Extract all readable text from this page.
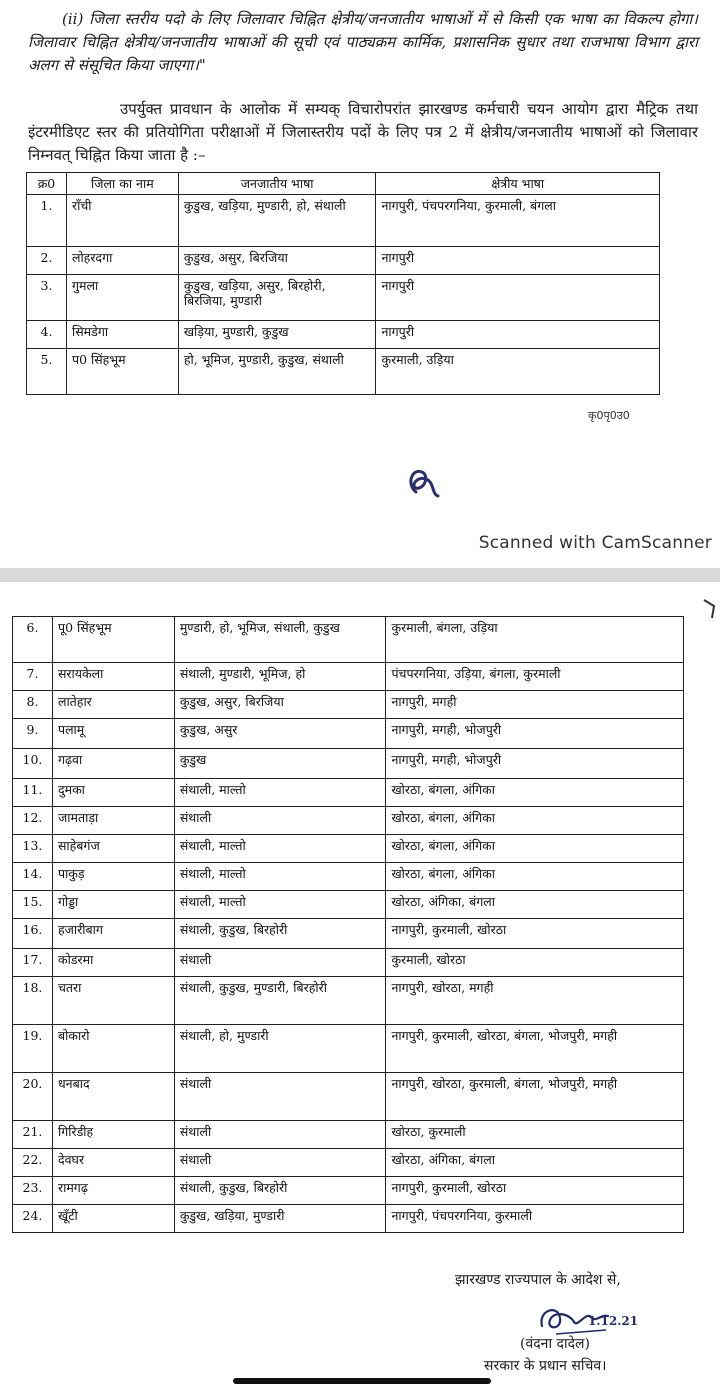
(ii) जिला स्तरीय पदो के लिए जिलावार चिह्नित क्षेत्रीय/जनजातीय भाषाओं में से किसी एक भाषा का विकल्प होगा। जिलावार चिह्नित क्षेत्रीय/जनजातीय भाषाओं की सूची एवं पाठ्यक्रम कार्मिक, प्रशासनिक सुधार तथा राजभाषा विभाग द्वारा अलग से संसूचित किया जाएगा।"
उपर्युक्त प्रावधान के आलोक में सम्यक् विचारोपरांत झारखण्ड कर्मचारी चयन आयोग द्वारा मैट्रिक तथा इंटरमीडिएट स्तर की प्रतियोगिता परीक्षाओं में जिलास्तरीय पदों के लिए पत्र 2 में क्षेत्रीय/जनजातीय भाषाओं को जिलावार निम्नवत् चिह्नित किया जाता है :–
क्र0	जिला का नाम	जनजातीय भाषा	क्षेत्रीय भाषा
1.	राँची	कुडुख, खड़िया, मुण्डारी, हो, संथाली	नागपुरी, पंचपरगनिया, कुरमाली, बंगला
2.	लोहरदगा	कुडुख, असुर, बिरजिया	नागपुरी
3.	गुमला	कुडुख, खड़िया, असुर, बिरहोरी, बिरजिया, मुण्डारी	नागपुरी
4.	सिमडेगा	खड़िया, मुण्डारी, कुडुख	नागपुरी
5.	प0 सिंहभूम	हो, भूमिज, मुण्डारी, कुडुख, संथाली	कुरमाली, उड़िया
कृ0पृ0उ0
Scanned with CamScanner
6.	पू0 सिंहभूम	मुण्डारी, हो, भूमिज, संथाली, कुडुख	कुरमाली, बंगला, उड़िया
7.	सरायकेला	संथाली, मुण्डारी, भूमिज, हो	पंचपरगनिया, उड़िया, बंगला, कुरमाली
8.	लातेहार	कुडुख, असुर, बिरजिया	नागपुरी, मगही
9.	पलामू	कुडुख, असुर	नागपुरी, मगही, भोजपुरी
10.	गढ़वा	कुडुख	नागपुरी, मगही, भोजपुरी
11.	दुमका	संथाली, माल्तो	खोरठा, बंगला, अंगिका
12.	जामताड़ा	संथाली	खोरठा, बंगला, अंगिका
13.	साहेबगंज	संथाली, माल्तो	खोरठा, बंगला, अंगिका
14.	पाकुड़	संथाली, माल्तो	खोरठा, बंगला, अंगिका
15.	गोड्डा	संथाली, माल्तो	खोरठा, अंगिका, बंगला
16.	हजारीबाग	संथाली, कुडुख, बिरहोरी	नागपुरी, कुरमाली, खोरठा
17.	कोडरमा	संथाली	कुरमाली, खोरठा
18.	चतरा	संथाली, कुडुख, मुण्डारी, बिरहोरी	नागपुरी, खोरठा, मगही
19.	बोकारो	संथाली, हो, मुण्डारी	नागपुरी, कुरमाली, खोरठा, बंगला, भोजपुरी, मगही
20.	धनबाद	संथाली	नागपुरी, खोरठा, कुरमाली, बंगला, भोजपुरी, मगही
21.	गिरिडीह	संथाली	खोरठा, कुरमाली
22.	देवघर	संथाली	खोरठा, अंगिका, बंगला
23.	रामगढ़	संथाली, कुडुख, बिरहोरी	नागपुरी, कुरमाली, खोरठा
24.	खूँटी	कुडुख, खड़िया, मुण्डारी	नागपुरी, पंचपरगनिया, कुरमाली
झारखण्ड राज्यपाल के आदेश से,
1.12.21
(वंदना दादेल)
सरकार के प्रधान सचिव।
